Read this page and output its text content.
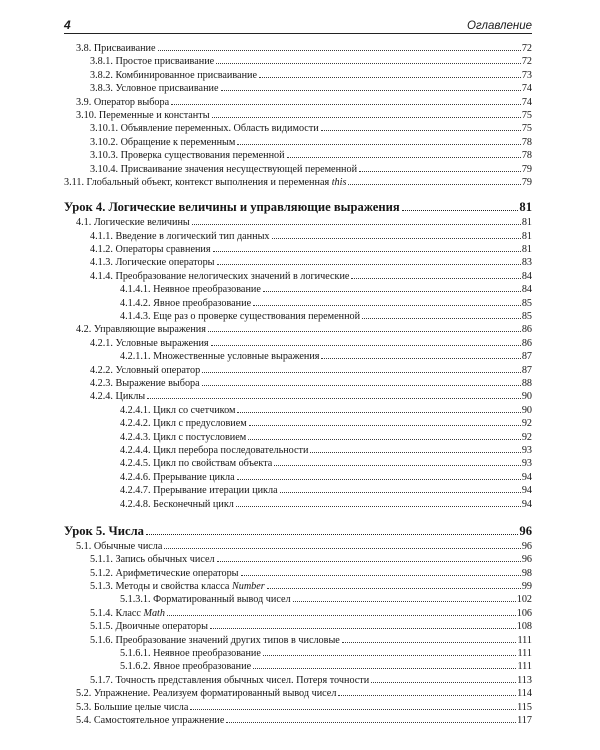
4	Оглавление
3.8. Присваивание	72
3.8.1. Простое присваивание	72
3.8.2. Комбинированное присваивание	73
3.8.3. Условное присваивание	74
3.9. Оператор выбора	74
3.10. Переменные и константы	75
3.10.1. Объявление переменных. Область видимости	75
3.10.2. Обращение к переменным	78
3.10.3. Проверка существования переменной	78
3.10.4. Присваивание значения несуществующей переменной	79
3.11. Глобальный объект, контекст выполнения и переменная this	79
Урок 4. Логические величины и управляющие выражения	81
4.1. Логические величины	81
4.1.1. Введение в логический тип данных	81
4.1.2. Операторы сравнения	81
4.1.3. Логические операторы	83
4.1.4. Преобразование нелогических значений в логические	84
4.1.4.1. Неявное преобразование	84
4.1.4.2. Явное преобразование	85
4.1.4.3. Еще раз о проверке существования переменной	85
4.2. Управляющие выражения	86
4.2.1. Условные выражения	86
4.2.1.1. Множественные условные выражения	87
4.2.2. Условный оператор	87
4.2.3. Выражение выбора	88
4.2.4. Циклы	90
4.2.4.1. Цикл со счетчиком	90
4.2.4.2. Цикл с предусловием	92
4.2.4.3. Цикл с постусловием	92
4.2.4.4. Цикл перебора последовательности	93
4.2.4.5. Цикл по свойствам объекта	93
4.2.4.6. Прерывание цикла	94
4.2.4.7. Прерывание итерации цикла	94
4.2.4.8. Бесконечный цикл	94
Урок 5. Числа	96
5.1. Обычные числа	96
5.1.1. Запись обычных чисел	96
5.1.2. Арифметические операторы	98
5.1.3. Методы и свойства класса Number	99
5.1.3.1. Форматированный вывод чисел	102
5.1.4. Класс Math	106
5.1.5. Двоичные операторы	108
5.1.6. Преобразование значений других типов в числовые	111
5.1.6.1. Неявное преобразование	111
5.1.6.2. Явное преобразование	111
5.1.7. Точность представления обычных чисел. Потеря точности	113
5.2. Упражнение. Реализуем форматированный вывод чисел	114
5.3. Большие целые числа	115
5.4. Самостоятельное упражнение	117
